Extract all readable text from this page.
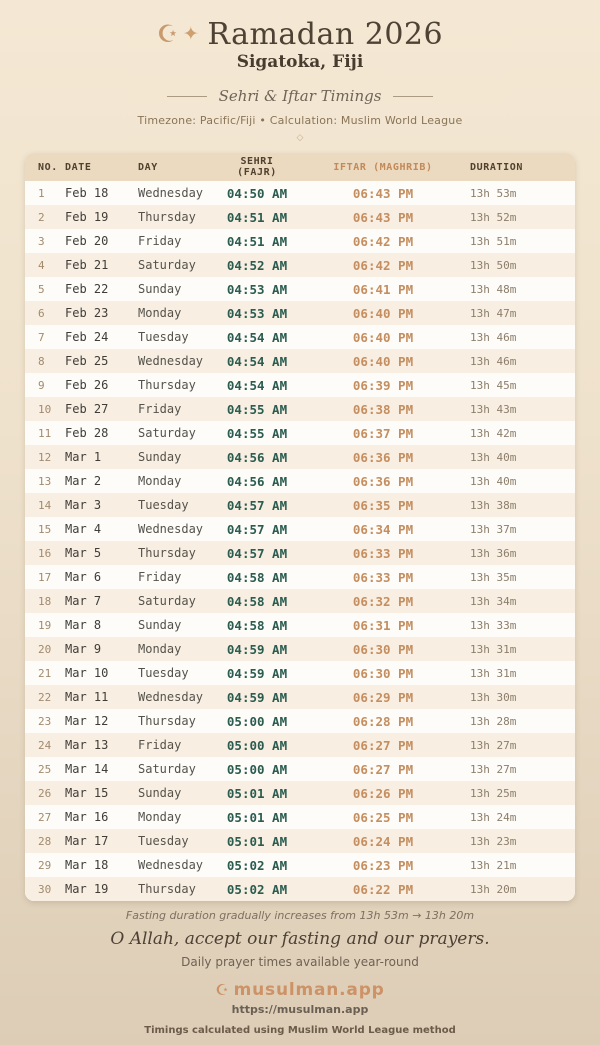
☪ ✦ Ramadan 2026
Sigatoka, Fiji
Sehri & Iftar Timings
Timezone: Pacific/Fiji • Calculation: Muslim World League
◇
NO.	DATE	DAY	SEHRI (FAJR)	IFTAR (MAGHRIB)	DURATION
1	Feb 18	Wednesday	04:50 AM	06:43 PM	13h 53m
2	Feb 19	Thursday	04:51 AM	06:43 PM	13h 52m
3	Feb 20	Friday	04:51 AM	06:42 PM	13h 51m
4	Feb 21	Saturday	04:52 AM	06:42 PM	13h 50m
5	Feb 22	Sunday	04:53 AM	06:41 PM	13h 48m
6	Feb 23	Monday	04:53 AM	06:40 PM	13h 47m
7	Feb 24	Tuesday	04:54 AM	06:40 PM	13h 46m
8	Feb 25	Wednesday	04:54 AM	06:40 PM	13h 46m
9	Feb 26	Thursday	04:54 AM	06:39 PM	13h 45m
10	Feb 27	Friday	04:55 AM	06:38 PM	13h 43m
11	Feb 28	Saturday	04:55 AM	06:37 PM	13h 42m
12	Mar 1	Sunday	04:56 AM	06:36 PM	13h 40m
13	Mar 2	Monday	04:56 AM	06:36 PM	13h 40m
14	Mar 3	Tuesday	04:57 AM	06:35 PM	13h 38m
15	Mar 4	Wednesday	04:57 AM	06:34 PM	13h 37m
16	Mar 5	Thursday	04:57 AM	06:33 PM	13h 36m
17	Mar 6	Friday	04:58 AM	06:33 PM	13h 35m
18	Mar 7	Saturday	04:58 AM	06:32 PM	13h 34m
19	Mar 8	Sunday	04:58 AM	06:31 PM	13h 33m
20	Mar 9	Monday	04:59 AM	06:30 PM	13h 31m
21	Mar 10	Tuesday	04:59 AM	06:30 PM	13h 31m
22	Mar 11	Wednesday	04:59 AM	06:29 PM	13h 30m
23	Mar 12	Thursday	05:00 AM	06:28 PM	13h 28m
24	Mar 13	Friday	05:00 AM	06:27 PM	13h 27m
25	Mar 14	Saturday	05:00 AM	06:27 PM	13h 27m
26	Mar 15	Sunday	05:01 AM	06:26 PM	13h 25m
27	Mar 16	Monday	05:01 AM	06:25 PM	13h 24m
28	Mar 17	Tuesday	05:01 AM	06:24 PM	13h 23m
29	Mar 18	Wednesday	05:02 AM	06:23 PM	13h 21m
30	Mar 19	Thursday	05:02 AM	06:22 PM	13h 20m
Fasting duration gradually increases from 13h 53m → 13h 20m
O Allah, accept our fasting and our prayers.
Daily prayer times available year-round
☪ musulman.app
https://musulman.app
Timings calculated using Muslim World League method
